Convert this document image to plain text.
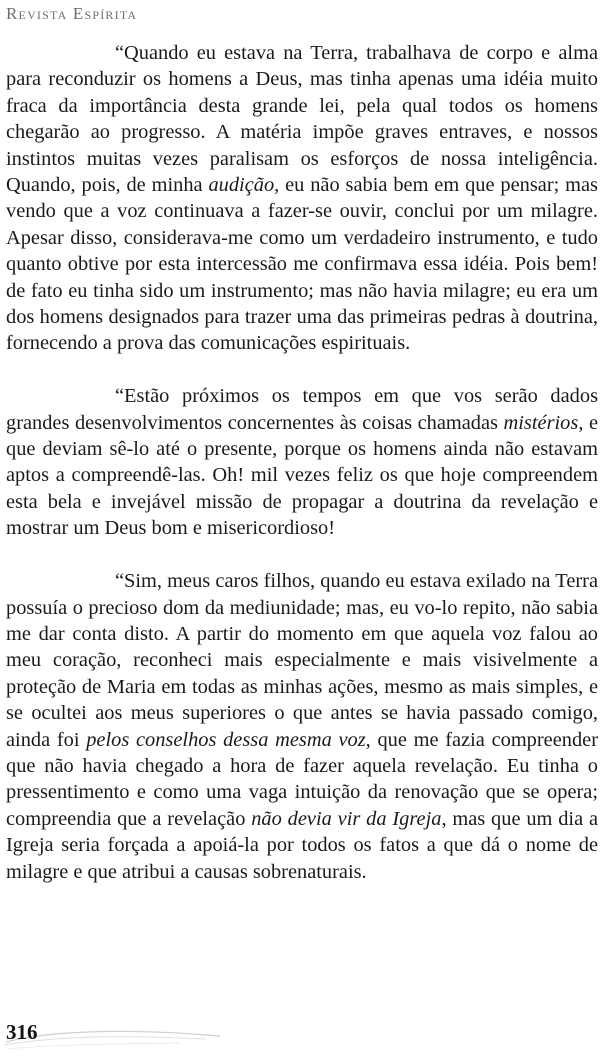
Revista Espírita

“Quando eu estava na Terra, trabalhava de corpo e alma para reconduzir os homens a Deus, mas tinha apenas uma idéia muito fraca da importância desta grande lei, pela qual todos os homens chegarão ao progresso. A matéria impõe graves entraves, e nossos instintos muitas vezes paralisam os esforços de nossa inteligência. Quando, pois, de minha audição, eu não sabia bem em que pensar; mas vendo que a voz continuava a fazer-se ouvir, conclui por um milagre. Apesar disso, considerava-me como um verdadeiro instrumento, e tudo quanto obtive por esta intercessão me confirmava essa idéia. Pois bem! de fato eu tinha sido um instrumento; mas não havia milagre; eu era um dos homens designados para trazer uma das primeiras pedras à doutrina, fornecendo a prova das comunicações espirituais.

“Estão próximos os tempos em que vos serão dados grandes desenvolvimentos concernentes às coisas chamadas mistérios, e que deviam sê-lo até o presente, porque os homens ainda não estavam aptos a compreendê-las. Oh! mil vezes feliz os que hoje compreendem esta bela e invejável missão de propagar a doutrina da revelação e mostrar um Deus bom e misericordioso!

“Sim, meus caros filhos, quando eu estava exilado na Terra possuía o precioso dom da mediunidade; mas, eu vo-lo repito, não sabia me dar conta disto. A partir do momento em que aquela voz falou ao meu coração, reconheci mais especialmente e mais visivelmente a proteção de Maria em todas as minhas ações, mesmo as mais simples, e se ocultei aos meus superiores o que antes se havia passado comigo, ainda foi pelos conselhos dessa mesma voz, que me fazia compreender que não havia chegado a hora de fazer aquela revelação. Eu tinha o pressentimento e como uma vaga intuição da renovação que se opera; compreendia que a revelação não devia vir da Igreja, mas que um dia a Igreja seria forçada a apoiá-la por todos os fatos a que dá o nome de milagre e que atribui a causas sobrenaturais.

316
